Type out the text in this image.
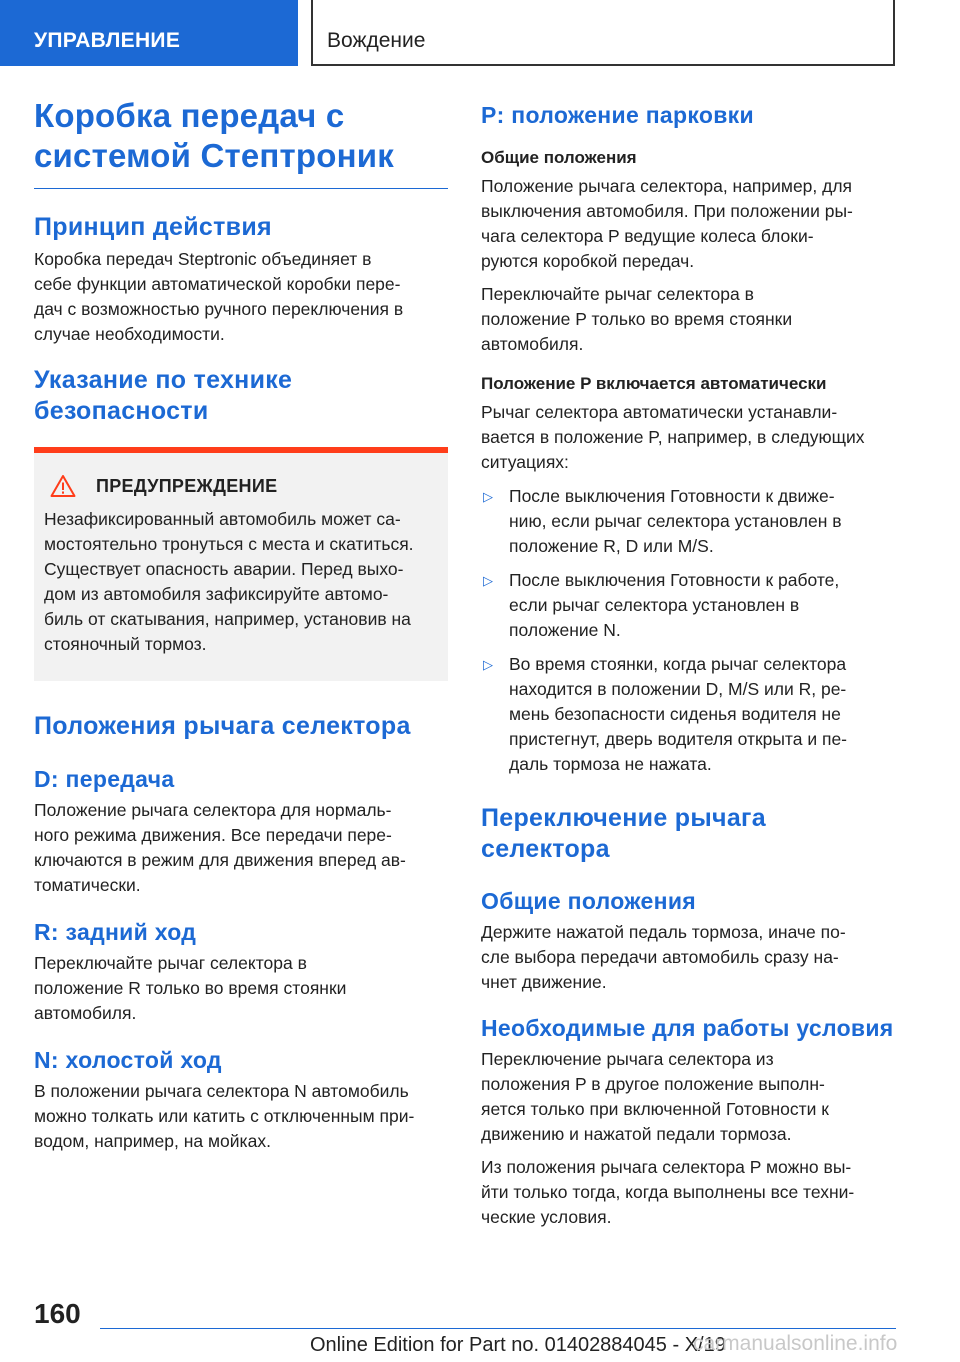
УПРАВЛЕНИЕ	Вождение
Коробка передач с
системой Стептроник
Принцип действия

Коробка передач Steptronic объединяет в
себе функции автоматической коробки пере-
дач с возможностью ручного переключения в
случае необходимости.

Указание по технике
безопасности
ПРЕДУПРЕЖДЕНИЕ

Незафиксированный автомобиль может са-
мостоятельно тронуться с места и скатиться.
Существует опасность аварии. Перед выхо-
дом из автомобиля зафиксируйте автомо-
биль от скатывания, например, установив на
стояночный тормоз.

Положения рычага селектора
D: передача

Положение рычага селектора для нормаль-
ного режима движения. Все передачи пере-
ключаются в режим для движения вперед ав-
томатически.

R: задний ход

Переключайте рычаг селектора в
положение R только во время стоянки
автомобиля.

N: холостой ход

В положении рычага селектора N автомобиль
можно толкать или катить с отключенным при-
водом, например, на мойках.

P: положение парковки
Общие положения

Положение рычага селектора, например, для
выключения автомобиля. При положении ры-
чага селектора P ведущие колеса блоки-
руются коробкой передач.

Переключайте рычаг селектора в
положение P только во время стоянки
автомобиля.

Положение P включается автоматически

Рычаг селектора автоматически устанавли-
вается в положение P, например, в следующих
ситуациях:

▷ После выключения Готовности к движе-
нию, если рычаг селектора установлен в
положение R, D или M/S.
▷ После выключения Готовности к работе,
если рычаг селектора установлен в
положение N.
▷ Во время стоянки, когда рычаг селектора
находится в положении D, M/S или R, ре-
мень безопасности сиденья водителя не
пристегнут, дверь водителя открыта и пе-
даль тормоза не нажата.
Переключение рычага
селектора
Общие положения

Держите нажатой педаль тормоза, иначе по-
сле выбора передачи автомобиль сразу на-
чнет движение.

Необходимые для работы условия

Переключение рычага селектора из
положения P в другое положение выполн-
яется только при включенной Готовности к
движению и нажатой педали тормоза.

Из положения рычага селектора P можно вы-
йти только тогда, когда выполнены все техни-
ческие условия.

160
Online Edition for Part no. 01402884045 - X/19
carmanualsonline.info
